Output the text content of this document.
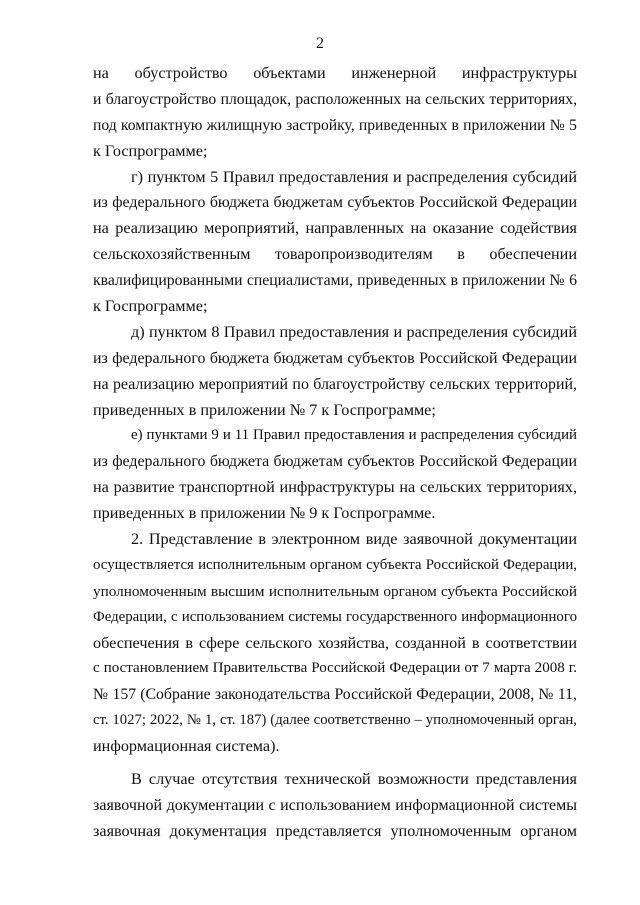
2
на обустройство объектами инженерной инфраструктуры
и благоустройство площадок, расположенных на сельских территориях,
под компактную жилищную застройку, приведенных в приложении № 5
к Госпрограмме;
г) пунктом 5 Правил предоставления и распределения субсидий
из федерального бюджета бюджетам субъектов Российской Федерации
на реализацию мероприятий, направленных на оказание содействия
сельскохозяйственным товаропроизводителям в обеспечении
квалифицированными специалистами, приведенных в приложении № 6
к Госпрограмме;
д) пунктом 8 Правил предоставления и распределения субсидий
из федерального бюджета бюджетам субъектов Российской Федерации
на реализацию мероприятий по благоустройству сельских территорий,
приведенных в приложении № 7 к Госпрограмме;
е) пунктами 9 и 11 Правил предоставления и распределения субсидий
из федерального бюджета бюджетам субъектов Российской Федерации
на развитие транспортной инфраструктуры на сельских территориях,
приведенных в приложении № 9 к Госпрограмме.
2. Представление в электронном виде заявочной документации
осуществляется исполнительным органом субъекта Российской Федерации,
уполномоченным высшим исполнительным органом субъекта Российской
Федерации, с использованием системы государственного информационного
обеспечения в сфере сельского хозяйства, созданной в соответствии
с постановлением Правительства Российской Федерации от 7 марта 2008 г.
№ 157 (Собрание законодательства Российской Федерации, 2008, № 11,
ст. 1027; 2022, № 1, ст. 187) (далее соответственно – уполномоченный орган,
информационная система).
В случае отсутствия технической возможности представления
заявочной документации с использованием информационной системы
заявочная документация представляется уполномоченным органом
